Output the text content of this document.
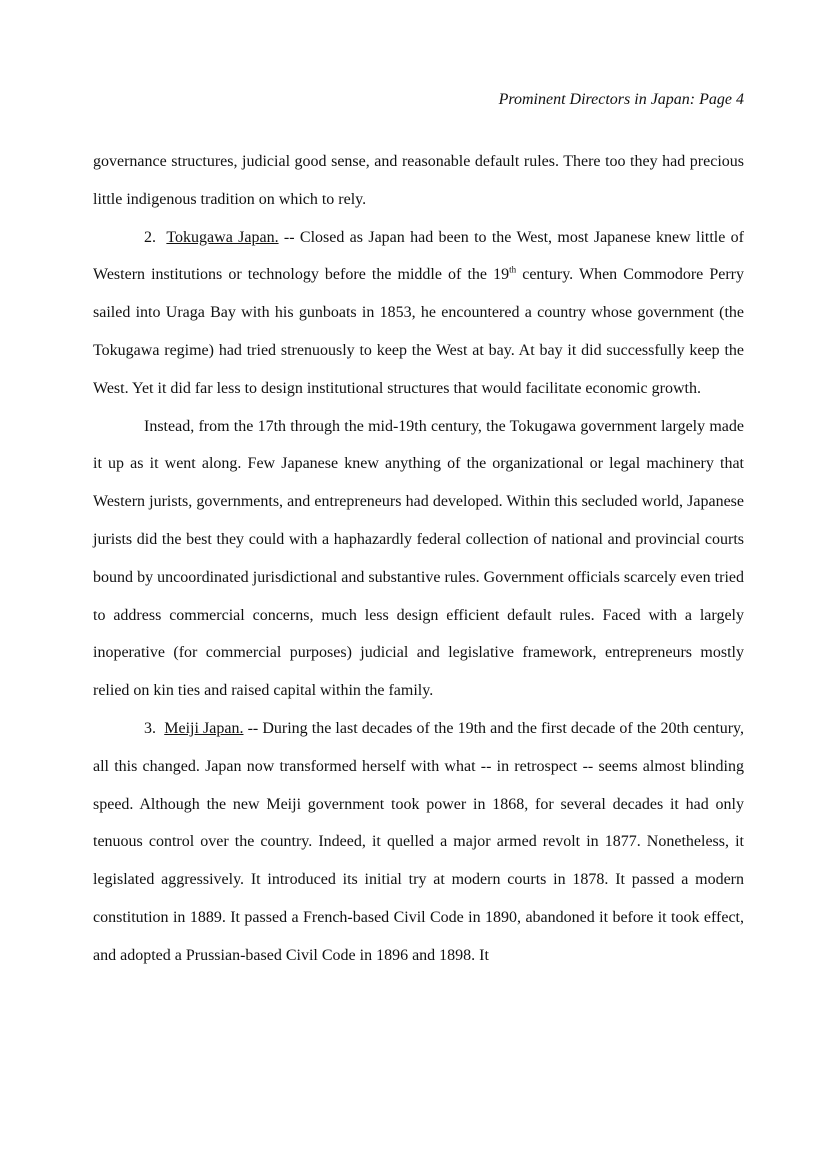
Prominent Directors in Japan: Page 4

governance structures, judicial good sense, and reasonable default rules. There too they had precious little indigenous tradition on which to rely.

2. Tokugawa Japan. -- Closed as Japan had been to the West, most Japanese knew little of Western institutions or technology before the middle of the 19th century. When Commodore Perry sailed into Uraga Bay with his gunboats in 1853, he encountered a country whose government (the Tokugawa regime) had tried strenuously to keep the West at bay. At bay it did successfully keep the West. Yet it did far less to design institutional structures that would facilitate economic growth.

Instead, from the 17th through the mid-19th century, the Tokugawa government largely made it up as it went along. Few Japanese knew anything of the organizational or legal machinery that Western jurists, governments, and entrepreneurs had developed. Within this secluded world, Japanese jurists did the best they could with a haphazardly federal collection of national and provincial courts bound by uncoordinated jurisdictional and substantive rules. Government officials scarcely even tried to address commercial concerns, much less design efficient default rules. Faced with a largely inoperative (for commercial purposes) judicial and legislative framework, entrepreneurs mostly relied on kin ties and raised capital within the family.

3. Meiji Japan. -- During the last decades of the 19th and the first decade of the 20th century, all this changed. Japan now transformed herself with what -- in retrospect -- seems almost blinding speed. Although the new Meiji government took power in 1868, for several decades it had only tenuous control over the country. Indeed, it quelled a major armed revolt in 1877. Nonetheless, it legislated aggressively. It introduced its initial try at modern courts in 1878. It passed a modern constitution in 1889. It passed a French-based Civil Code in 1890, abandoned it before it took effect, and adopted a Prussian-based Civil Code in 1896 and 1898. It
